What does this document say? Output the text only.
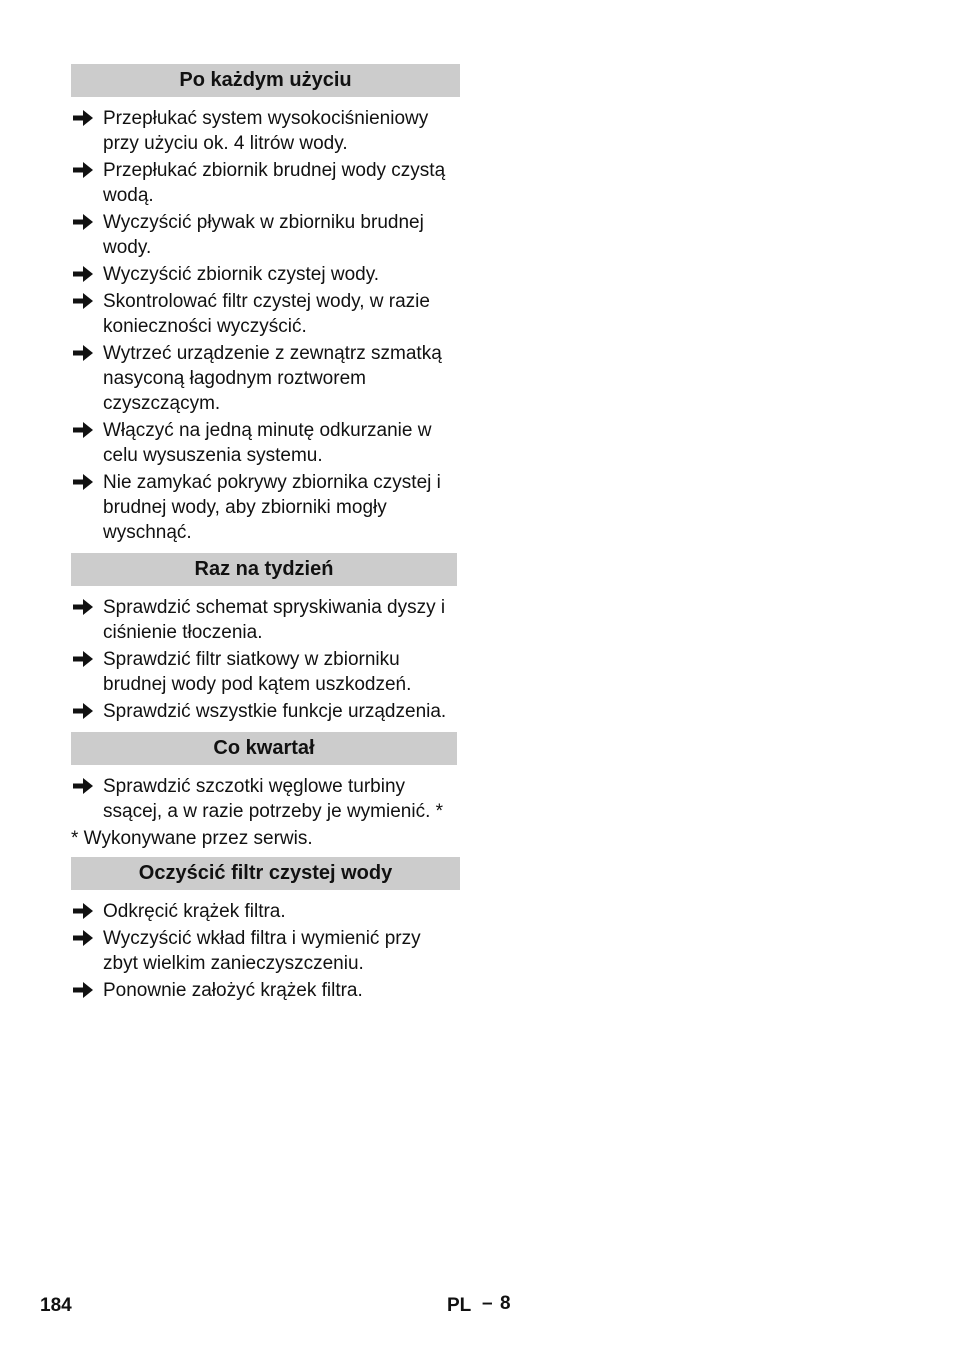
Po każdym użyciu
Przepłukać system wysokociśnieniowy przy użyciu ok. 4 litrów wody.
Przepłukać zbiornik brudnej wody czystą wodą.
Wyczyścić pływak w zbiorniku brudnej wody.
Wyczyścić zbiornik czystej wody.
Skontrolować filtr czystej wody, w razie konieczności wyczyścić.
Wytrzeć urządzenie z zewnątrz szmatką nasyconą łagodnym roztworem czyszczącym.
Włączyć na jedną minutę odkurzanie w celu wysuszenia systemu.
Nie zamykać pokrywy zbiornika czystej i brudnej wody, aby zbiorniki mogły wyschnąć.
Raz na tydzień
Sprawdzić schemat spryskiwania dyszy i ciśnienie tłoczenia.
Sprawdzić filtr siatkowy w zbiorniku brudnej wody pod kątem uszkodzeń.
Sprawdzić wszystkie funkcje urządzenia.
Co kwartał
Sprawdzić szczotki węglowe turbiny ssącej, a w razie potrzeby je wymienić. *
* Wykonywane przez serwis.
Oczyścić filtr czystej wody
Odkręcić krążek filtra.
Wyczyścić wkład filtra i wymienić przy zbyt wielkim zanieczyszczeniu.
Ponownie założyć krążek filtra.
184	PL – 8
